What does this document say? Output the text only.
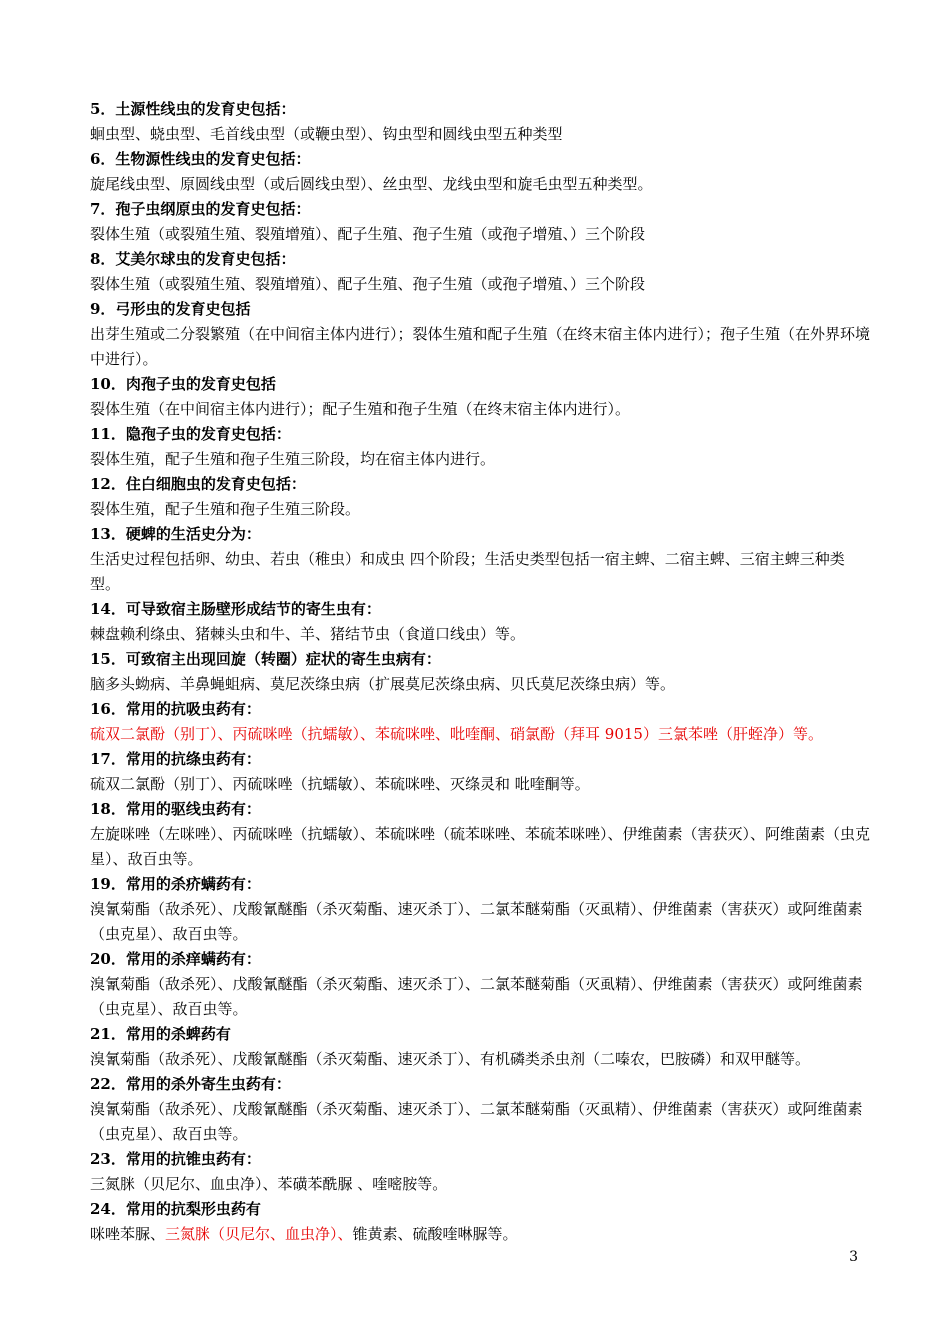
5．土源性线虫的发育史包括：

蛔虫型、蛲虫型、毛首线虫型（或鞭虫型）、钩虫型和圆线虫型五种类型

6．生物源性线虫的发育史包括：

旋尾线虫型、原圆线虫型（或后圆线虫型）、丝虫型、龙线虫型和旋毛虫型五种类型。

7．孢子虫纲原虫的发育史包括：

裂体生殖（或裂殖生殖、裂殖增殖）、配子生殖、孢子生殖（或孢子增殖、）三个阶段

8．艾美尔球虫的发育史包括：

裂体生殖（或裂殖生殖、裂殖增殖）、配子生殖、孢子生殖（或孢子增殖、）三个阶段

9．弓形虫的发育史包括

出芽生殖或二分裂繁殖（在中间宿主体内进行）；裂体生殖和配子生殖（在终末宿主体内进行）；孢子生殖（在外界环境中进行）。

10．肉孢子虫的发育史包括

裂体生殖（在中间宿主体内进行）；配子生殖和孢子生殖（在终末宿主体内进行）。

11．隐孢子虫的发育史包括：

裂体生殖，配子生殖和孢子生殖三阶段，均在宿主体内进行。

12．住白细胞虫的发育史包括：

裂体生殖，配子生殖和孢子生殖三阶段。

13．硬蜱的生活史分为：

生活史过程包括卵、幼虫、若虫（稚虫）和成虫 四个阶段；生活史类型包括一宿主蜱、二宿主蜱、三宿主蜱三种类型。

14．可导致宿主肠壁形成结节的寄生虫有：

棘盘赖利绦虫、猪棘头虫和牛、羊、猪结节虫（食道口线虫）等。

15．可致宿主出现回旋（转圈）症状的寄生虫病有：

脑多头蚴病、羊鼻蝇蛆病、莫尼茨绦虫病（扩展莫尼茨绦虫病、贝氏莫尼茨绦虫病）等。

16．常用的抗吸虫药有：

硫双二氯酚（别丁）、丙硫咪唑（抗蠕敏）、苯硫咪唑、吡喹酮、硝氯酚（拜耳 9015）三氯苯唑（肝蛭净）等。

17．常用的抗绦虫药有：

硫双二氯酚（别丁）、丙硫咪唑（抗蠕敏）、苯硫咪唑、灭绦灵和 吡喹酮等。

18．常用的驱线虫药有：

左旋咪唑（左咪唑）、丙硫咪唑（抗蠕敏）、苯硫咪唑（硫苯咪唑、苯硫苯咪唑）、伊维菌素（害获灭）、阿维菌素（虫克星）、敌百虫等。

19．常用的杀疥螨药有：

溴氰菊酯（敌杀死）、戊酸氰醚酯（杀灭菊酯、速灭杀丁）、二氯苯醚菊酯（灭虱精）、伊维菌素（害获灭）或阿维菌素（虫克星）、敌百虫等。

20．常用的杀痒螨药有：

溴氰菊酯（敌杀死）、戊酸氰醚酯（杀灭菊酯、速灭杀丁）、二氯苯醚菊酯（灭虱精）、伊维菌素（害获灭）或阿维菌素（虫克星）、敌百虫等。

21．常用的杀蜱药有

溴氰菊酯（敌杀死）、戊酸氰醚酯（杀灭菊酯、速灭杀丁）、有机磷类杀虫剂（二嗪农，巴胺磷）和双甲醚等。

22．常用的杀外寄生虫药有：

溴氰菊酯（敌杀死）、戊酸氰醚酯（杀灭菊酯、速灭杀丁）、二氯苯醚菊酯（灭虱精）、伊维菌素（害获灭）或阿维菌素（虫克星）、敌百虫等。

23．常用的抗锥虫药有：

三氮脒（贝尼尔、血虫净）、苯磺苯酰脲 、喹嘧胺等。

24．常用的抗梨形虫药有

咪唑苯脲、三氮脒（贝尼尔、血虫净）、锥黄素、硫酸喹啉脲等。

3
